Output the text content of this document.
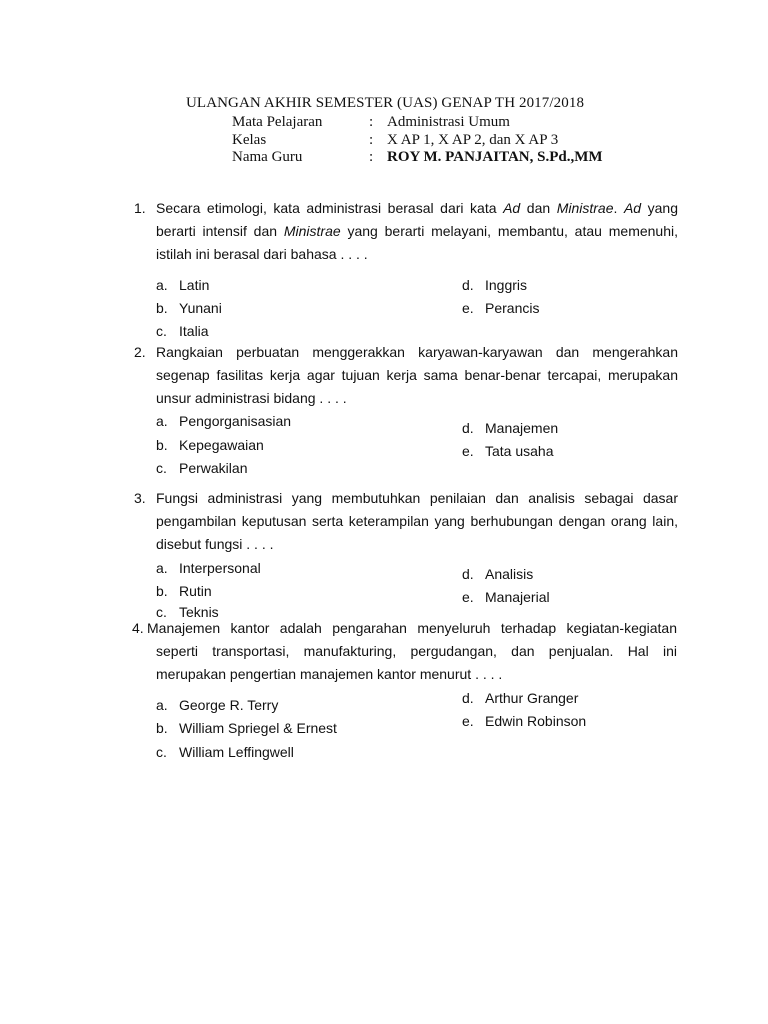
ULANGAN AKHIR SEMESTER (UAS) GENAP TH 2017/2018
Mata Pelajaran	: Administrasi Umum
Kelas	: X AP 1, X AP 2, dan X AP 3
Nama Guru	: ROY M. PANJAITAN, S.Pd.,MM
1. Secara etimologi, kata administrasi berasal dari kata Ad dan Ministrae. Ad yang
berarti intensif dan Ministrae yang berarti melayani, membantu, atau memenuhi,
istilah ini berasal dari bahasa . . . .
a. Latin
b. Yunani
c. Italia
d. Inggris
e. Perancis
2. Rangkaian perbuatan menggerakkan karyawan-karyawan dan mengerahkan
segenap fasilitas kerja agar tujuan kerja sama benar-benar tercapai, merupakan
unsur administrasi bidang . . . .
a. Pengorganisasian
b. Kepegawaian
c. Perwakilan
d. Manajemen
e. Tata usaha
3. Fungsi administrasi yang membutuhkan penilaian dan analisis sebagai dasar
pengambilan keputusan serta keterampilan yang berhubungan dengan orang lain,
disebut fungsi . . . .
a. Interpersonal
b. Rutin
c. Teknis
d. Analisis
e. Manajerial
4. Manajemen kantor adalah pengarahan menyeluruh terhadap kegiatan-kegiatan
seperti transportasi, manufakturing, pergudangan, dan penjualan. Hal ini
merupakan pengertian manajemen kantor menurut . . . .
a. George R. Terry
b. William Spriegel & Ernest
c. William Leffingwell
d. Arthur Granger
e. Edwin Robinson
